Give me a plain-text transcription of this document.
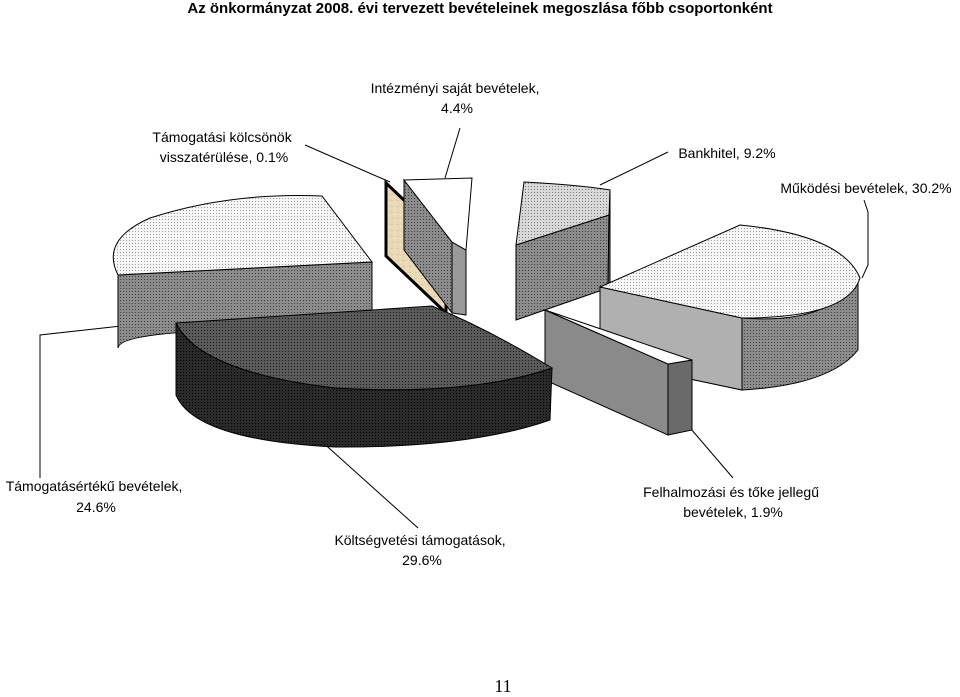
Az önkormányzat 2008. évi tervezett bevételeinek megoszlása főbb csoportonként
Működési bevételek, 30.2%
Felhalmozási és tőke jellegű bevételek, 1.9%
Költségvetési támogatások, 29.6%
Támogatásértékű bevételek, 24.6%
Támogatási kölcsönök visszatérülése, 0.1%
Intézményi saját bevételek, 4.4%
Bankhitel, 9.2%
11
